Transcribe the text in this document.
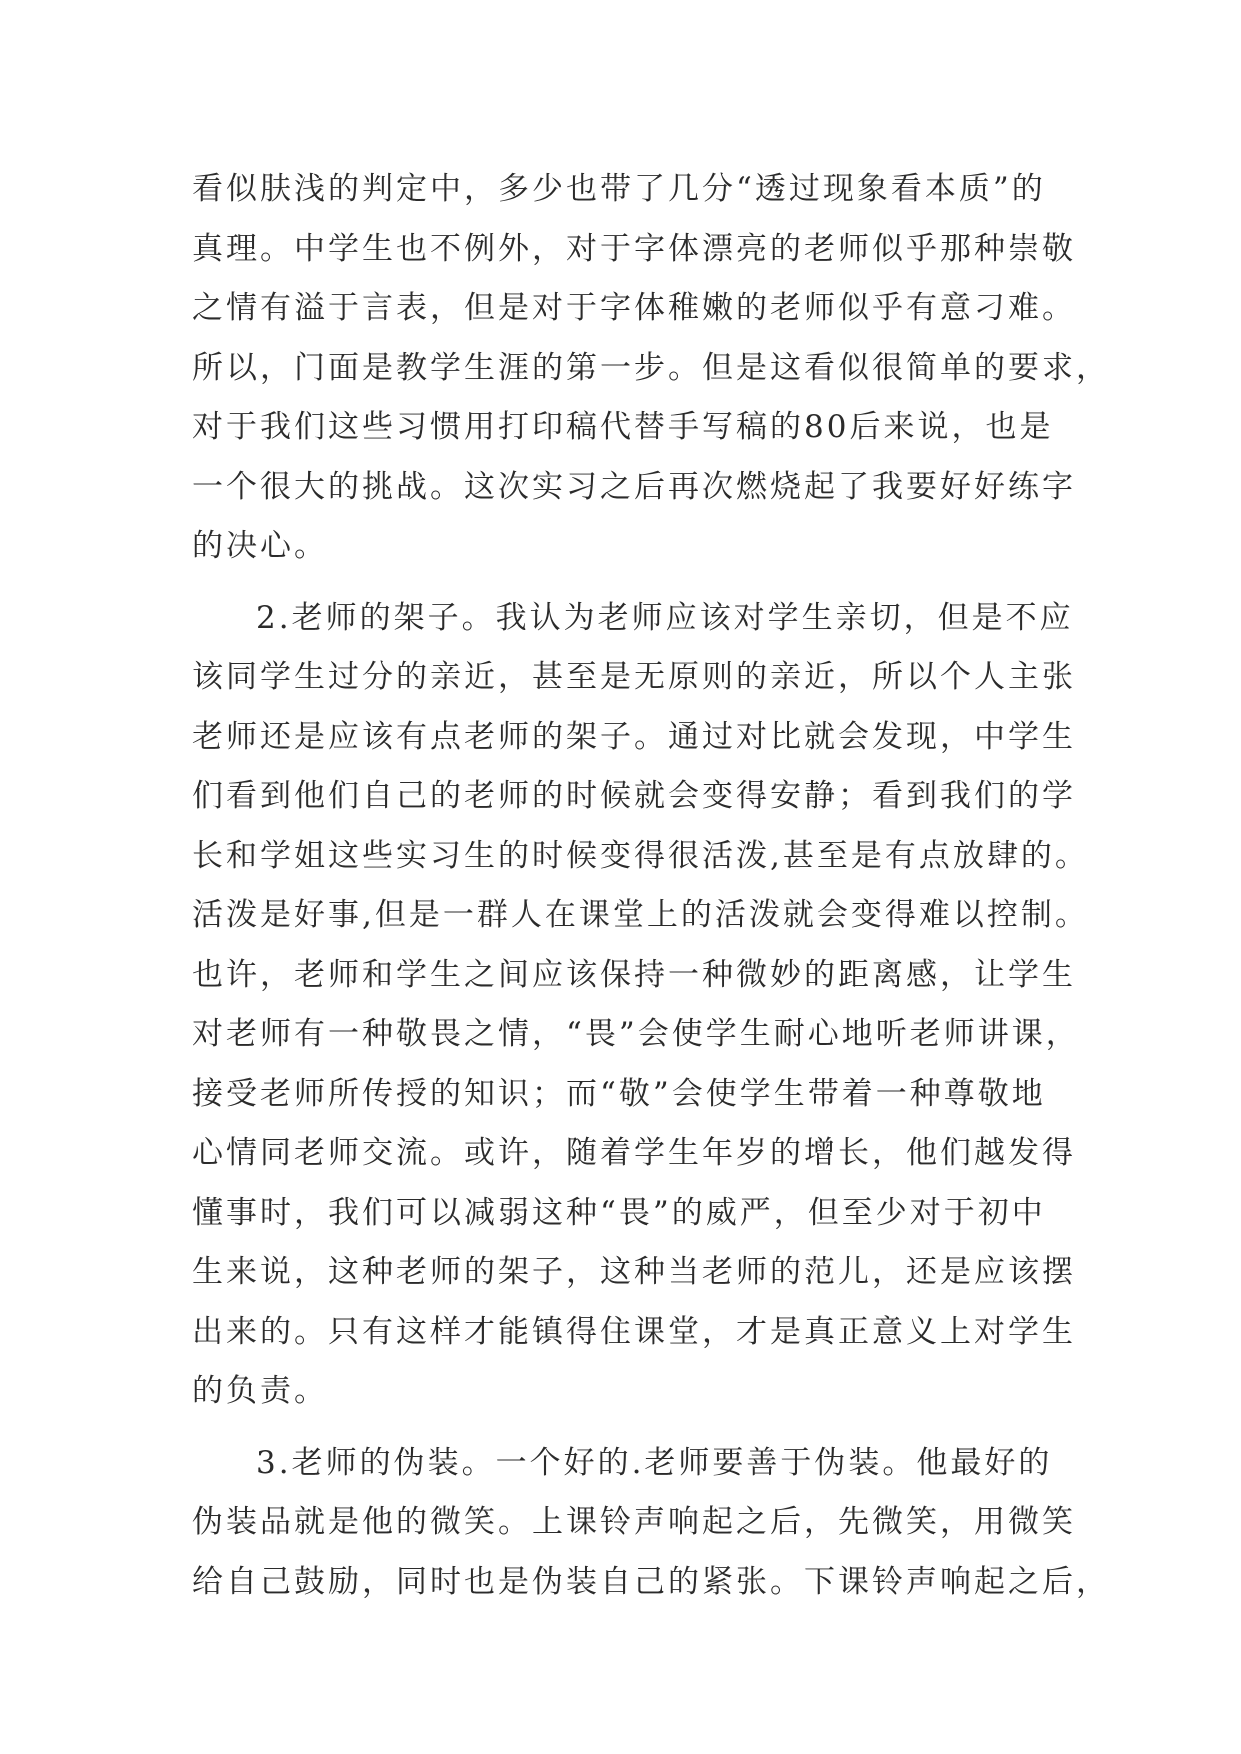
看似肤浅的判定中，多少也带了几分“透过现象看本质”的
真理。中学生也不例外，对于字体漂亮的老师似乎那种崇敬
之情有溢于言表，但是对于字体稚嫩的老师似乎有意刁难。
所以，门面是教学生涯的第一步。但是这看似很简单的要求，
对于我们这些习惯用打印稿代替手写稿的80后来说，也是
一个很大的挑战。这次实习之后再次燃烧起了我要好好练字
的决心。
2.老师的架子。我认为老师应该对学生亲切，但是不应
该同学生过分的亲近，甚至是无原则的亲近，所以个人主张
老师还是应该有点老师的架子。通过对比就会发现，中学生
们看到他们自己的老师的时候就会变得安静；看到我们的学
长和学姐这些实习生的时候变得很活泼,甚至是有点放肆的。
活泼是好事,但是一群人在课堂上的活泼就会变得难以控制。
也许，老师和学生之间应该保持一种微妙的距离感，让学生
对老师有一种敬畏之情，“畏”会使学生耐心地听老师讲课，
接受老师所传授的知识；而“敬”会使学生带着一种尊敬地
心情同老师交流。或许，随着学生年岁的增长，他们越发得
懂事时，我们可以减弱这种“畏”的威严，但至少对于初中
生来说，这种老师的架子，这种当老师的范儿，还是应该摆
出来的。只有这样才能镇得住课堂，才是真正意义上对学生
的负责。
3.老师的伪装。一个好的.老师要善于伪装。他最好的
伪装品就是他的微笑。上课铃声响起之后，先微笑，用微笑
给自己鼓励，同时也是伪装自己的紧张。下课铃声响起之后，
